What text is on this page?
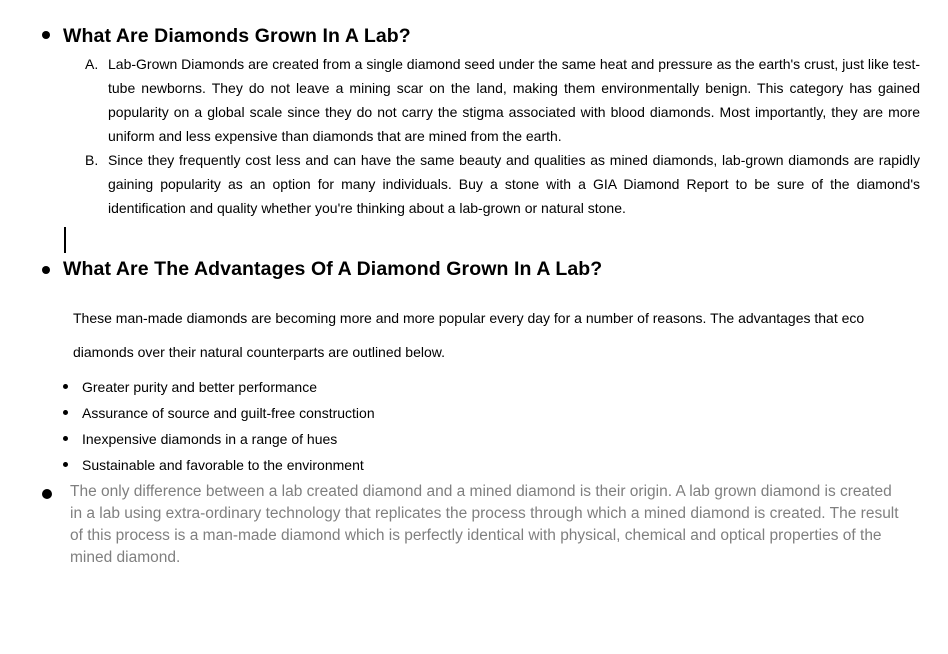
What Are Diamonds Grown In A Lab?
A. Lab-Grown Diamonds are created from a single diamond seed under the same heat and pressure as the earth's crust, just like test-tube newborns. They do not leave a mining scar on the land, making them environmentally benign. This category has gained popularity on a global scale since they do not carry the stigma associated with blood diamonds. Most importantly, they are more uniform and less expensive than diamonds that are mined from the earth.
B. Since they frequently cost less and can have the same beauty and qualities as mined diamonds, lab-grown diamonds are rapidly gaining popularity as an option for many individuals. Buy a stone with a GIA Diamond Report to be sure of the diamond's identification and quality whether you're thinking about a lab-grown or natural stone.
What Are The Advantages Of A Diamond Grown In A Lab?
These man-made diamonds are becoming more and more popular every day for a number of reasons. The advantages that eco
diamonds over their natural counterparts are outlined below.
Greater purity and better performance
Assurance of source and guilt-free construction
Inexpensive diamonds in a range of hues
Sustainable and favorable to the environment
The only difference between a lab created diamond and a mined diamond is their origin. A lab grown diamond is created in a lab using extra-ordinary technology that replicates the process through which a mined diamond is created. The result of this process is a man-made diamond which is perfectly identical with physical, chemical and optical properties of the mined diamond.
